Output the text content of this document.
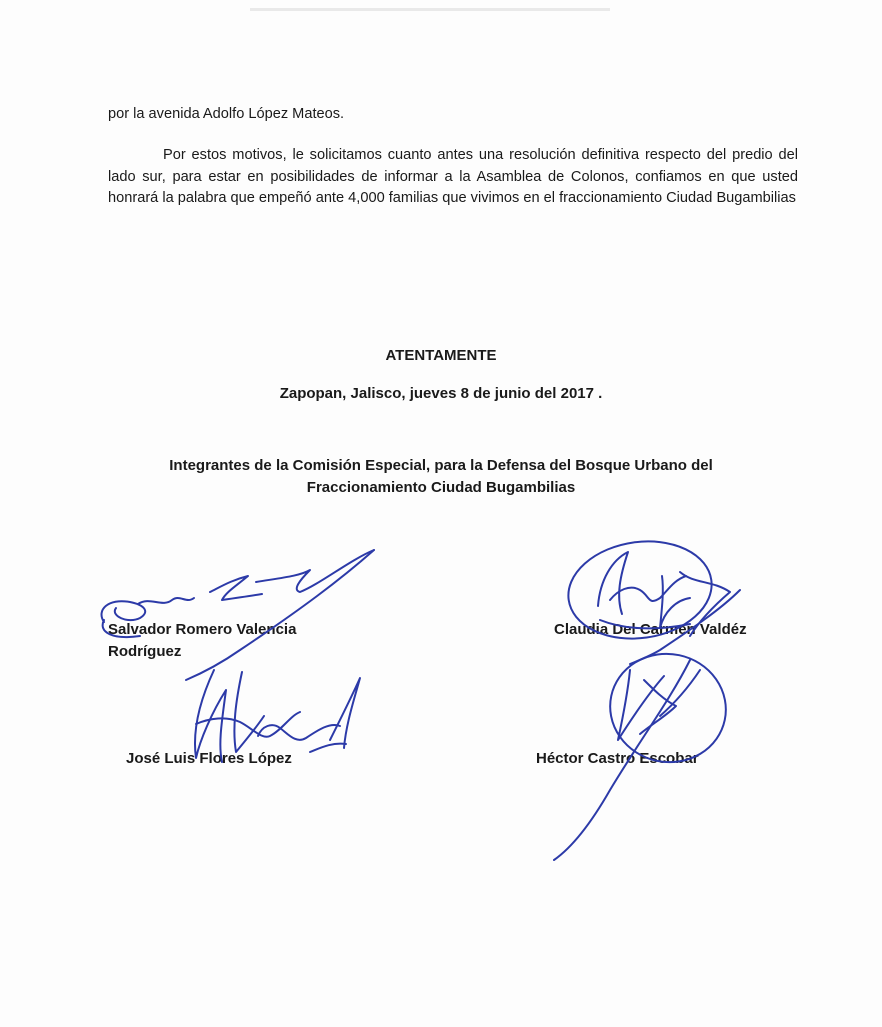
por la avenida Adolfo López Mateos.

Por estos motivos, le solicitamos cuanto antes una resolución definitiva respecto del predio del lado sur, para estar en posibilidades de informar a la Asamblea de Colonos, confiamos en que usted honrará la palabra que empeñó ante 4,000 familias que vivimos en el fraccionamiento Ciudad Bugambilias

ATENTAMENTE
Zapopan, Jalisco, jueves 8 de junio del 2017 .
Integrantes de la Comisión Especial, para la Defensa del Bosque Urbano del
Fraccionamiento Ciudad Bugambilias
Salvador Romero Valencia
Rodríguez
Claudia Del Carmen Valdéz
José Luis Flores López	Héctor Castro Escobar
